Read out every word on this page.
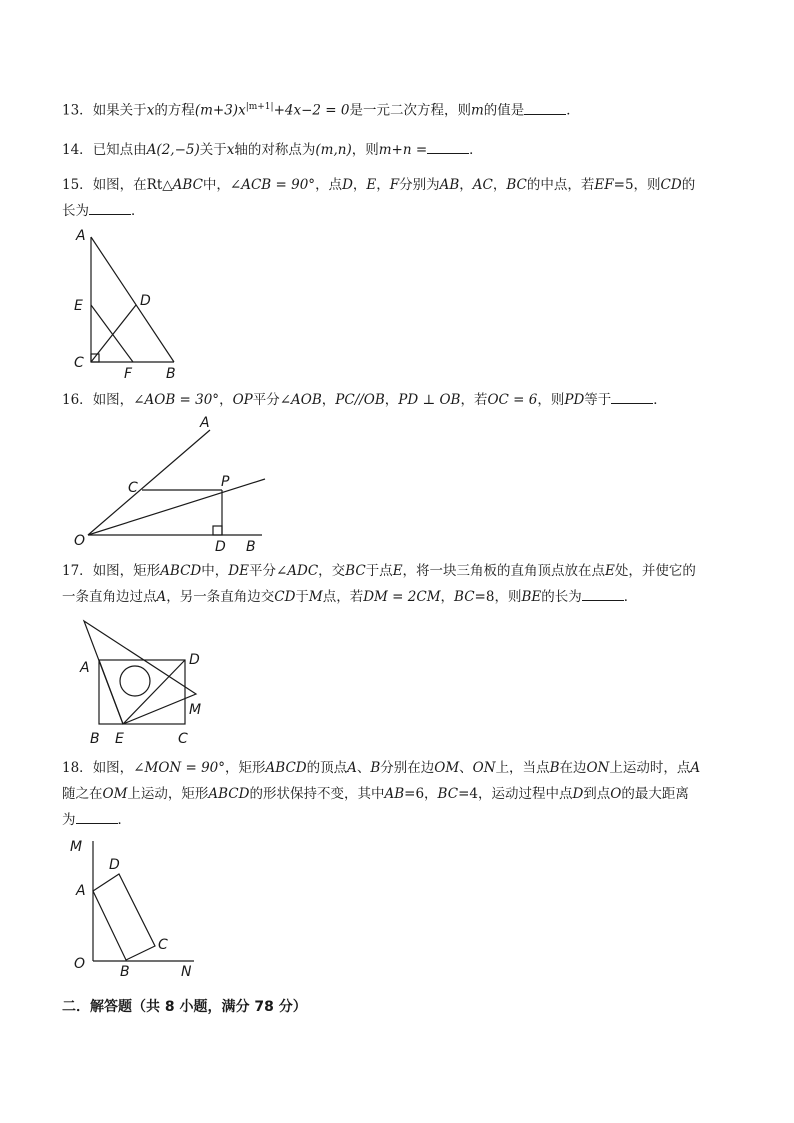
13．如果关于x的方程$(m+3)x^{|m+1|}+4x-2 = 0$是一元二次方程，则m的值是	．
14．已知点由A(2,−5)关于x轴的对称点为(m,n)，则m+n =	．
15．如图，在Rt△ABC中，∠ACB = 90°，点D，E，F分别为AB，AC，BC的中点，若EF=5，则CD的
长为	．
A
E	D
C
F B
16．如图，∠AOB = 30°，OP平分∠AOB，PC//OB，PD ⊥ OB，若OC = 6，则PD等于	．
A
C	P
O	D B
17．如图，矩形ABCD中，DE平分∠ADC，交BC于点E，将一块三角板的直角顶点放在点E处，并使它的
一条直角边过点A，另一条直角边交CD于M点，若DM = 2CM，BC=8，则BE的长为	．
A	D
M
B E	C
18．如图，∠MON = 90°，矩形ABCD的顶点A、B分别在边OM、ON上，当点B在边ON上运动时，点A
随之在OM上运动，矩形ABCD的形状保持不变，其中AB=6，BC=4，运动过程中点D到点O的最大距离
为	．
M
D
A
C
O B	N
二．解答题（共 8 小题，满分 78 分）
